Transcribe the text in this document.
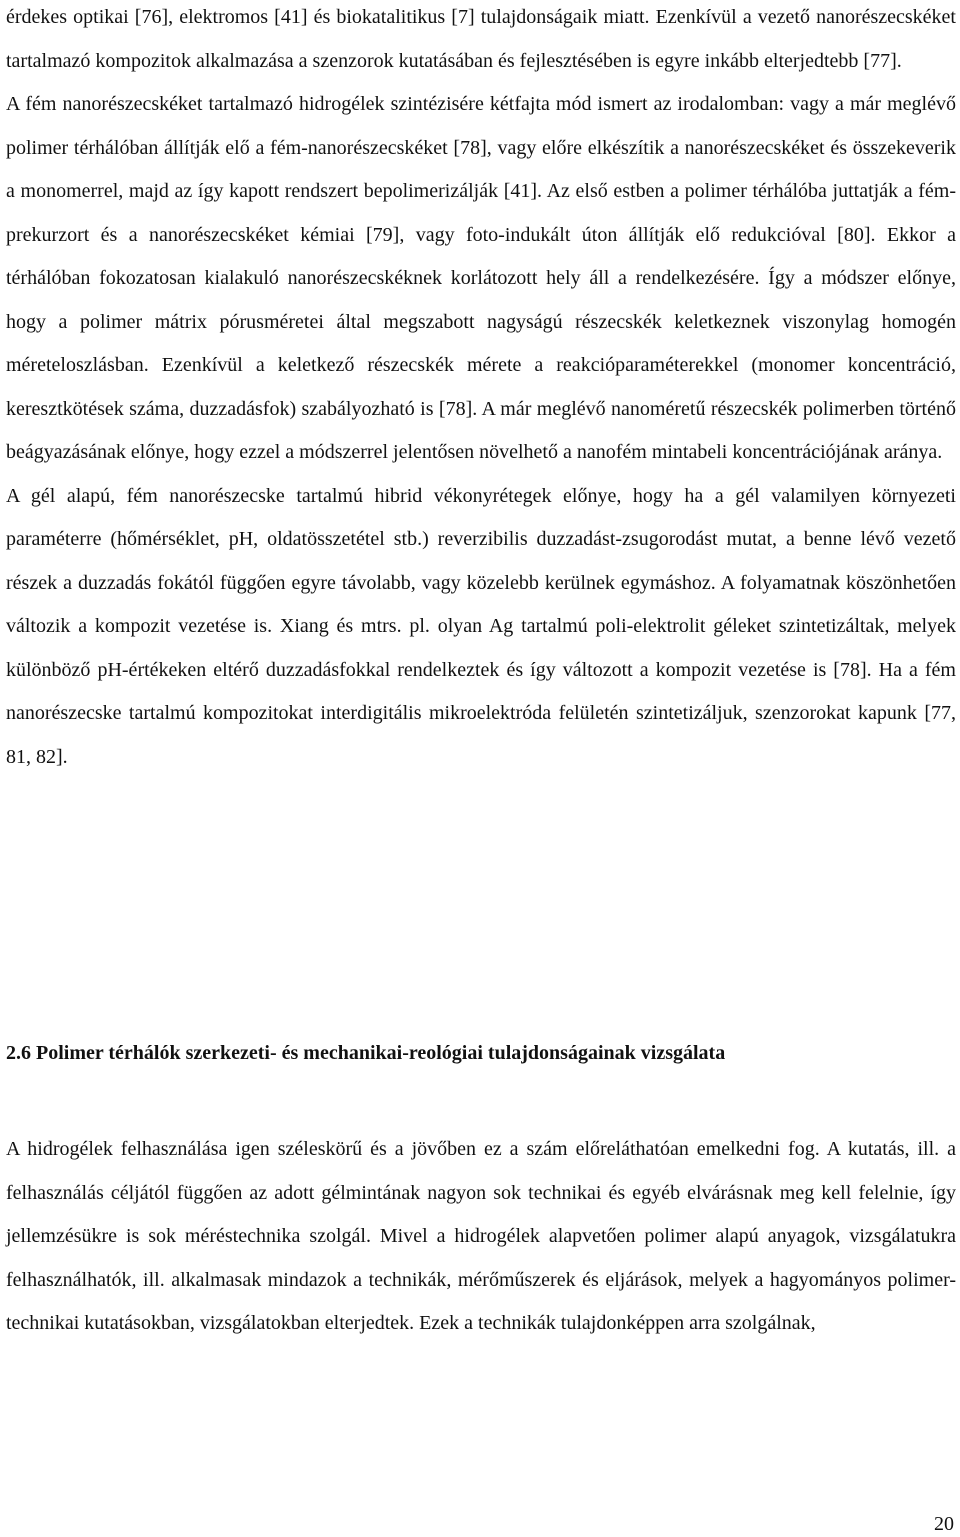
érdekes optikai [76], elektromos [41] és biokatalitikus [7] tulajdonságaik miatt. Ezenkívül a vezető nanorészecskéket tartalmazó kompozitok alkalmazása a szenzorok kutatásában és fejlesztésében is egyre inkább elterjedtebb [77].

A fém nanorészecskéket tartalmazó hidrogélek szintézisére kétfajta mód ismert az irodalomban: vagy a már meglévő polimer térhálóban állítják elő a fém-nanorészecskéket [78], vagy előre elkészítik a nanorészecskéket és összekeverik a monomerrel, majd az így kapott rendszert bepolimerizálják [41]. Az első estben a polimer térhálóba juttatják a fém-prekurzort és a nanorészecskéket kémiai [79], vagy foto-indukált úton állítják elő redukcióval [80]. Ekkor a térhálóban fokozatosan kialakuló nanorészecskéknek korlátozott hely áll a rendelkezésére. Így a módszer előnye, hogy a polimer mátrix pórusméretei által megszabott nagyságú részecskék keletkeznek viszonylag homogén méreteloszlásban. Ezenkívül a keletkező részecskék mérete a reakcióparaméterekkel (monomer koncentráció, keresztkötések száma, duzzadásfok) szabályozható is [78]. A már meglévő nanoméretű részecskék polimerben történő beágyazásának előnye, hogy ezzel a módszerrel jelentősen növelhető a nanofém mintabeli koncentrációjának aránya.

A gél alapú, fém nanorészecske tartalmú hibrid vékonyrétegek előnye, hogy ha a gél valamilyen környezeti paraméterre (hőmérséklet, pH, oldatösszetétel stb.) reverzibilis duzzadást-zsugorodást mutat, a benne lévő vezető részek a duzzadás fokától függően egyre távolabb, vagy közelebb kerülnek egymáshoz. A folyamatnak köszönhetően változik a kompozit vezetése is. Xiang és mtrs. pl. olyan Ag tartalmú poli-elektrolit géleket szintetizáltak, melyek különböző pH-értékeken eltérő duzzadásfokkal rendelkeztek és így változott a kompozit vezetése is [78]. Ha a fém nanorészecske tartalmú kompozitokat interdigitális mikroelektróda felületén szintetizáljuk, szenzorokat kapunk [77, 81, 82].

2.6 Polimer térhálók szerkezeti- és mechanikai-reológiai tulajdonságainak vizsgálata

A hidrogélek felhasználása igen széleskörű és a jövőben ez a szám előreláthatóan emelkedni fog. A kutatás, ill. a felhasználás céljától függően az adott gélmintának nagyon sok technikai és egyéb elvárásnak meg kell felelnie, így jellemzésükre is sok méréstechnika szolgál. Mivel a hidrogélek alapvetően polimer alapú anyagok, vizsgálatukra felhasználhatók, ill. alkalmasak mindazok a technikák, mérőműszerek és eljárások, melyek a hagyományos polimer- technikai kutatásokban, vizsgálatokban elterjedtek. Ezek a technikák tulajdonképpen arra szolgálnak,

20
